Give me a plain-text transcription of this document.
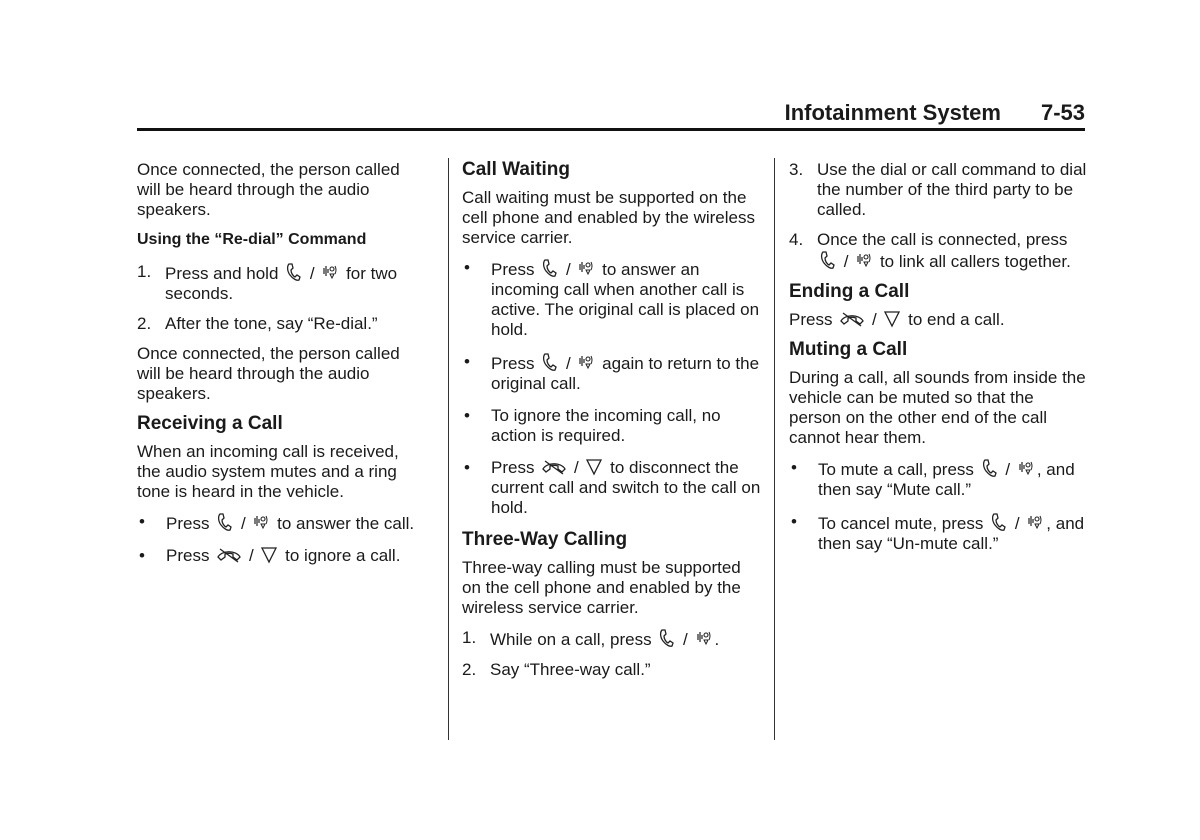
Infotainment System 7-53

Once connected, the person called will be heard through the audio speakers.

Using the “Re-dial” Command
1. Press and hold / for two seconds.
2. After the tone, say “Re-dial.”

Once connected, the person called will be heard through the audio speakers.

Receiving a Call

When an incoming call is received, the audio system mutes and a ring tone is heard in the vehicle.

• Press / to answer the call.
• Press / to ignore a call.
Call Waiting

Call waiting must be supported on the cell phone and enabled by the wireless service carrier.

• Press / to answer an incoming call when another call is active. The original call is placed on hold.
• Press / again to return to the original call.
• To ignore the incoming call, no action is required.
• Press / to disconnect the current call and switch to the call on hold.
Three-Way Calling

Three-way calling must be supported on the cell phone and enabled by the wireless service carrier.

1. While on a call, press / .
2. Say “Three-way call.”
3. Use the dial or call command to dial the number of the third party to be called.
4. Once the call is connected, press
/ to link all callers together.
Ending a Call

Press / to end a call.

Muting a Call

During a call, all sounds from inside the vehicle can be muted so that the person on the other end of the call cannot hear them.

• To mute a call, press / , and then say “Mute call.”
• To cancel mute, press / , and then say “Un-mute call.”
